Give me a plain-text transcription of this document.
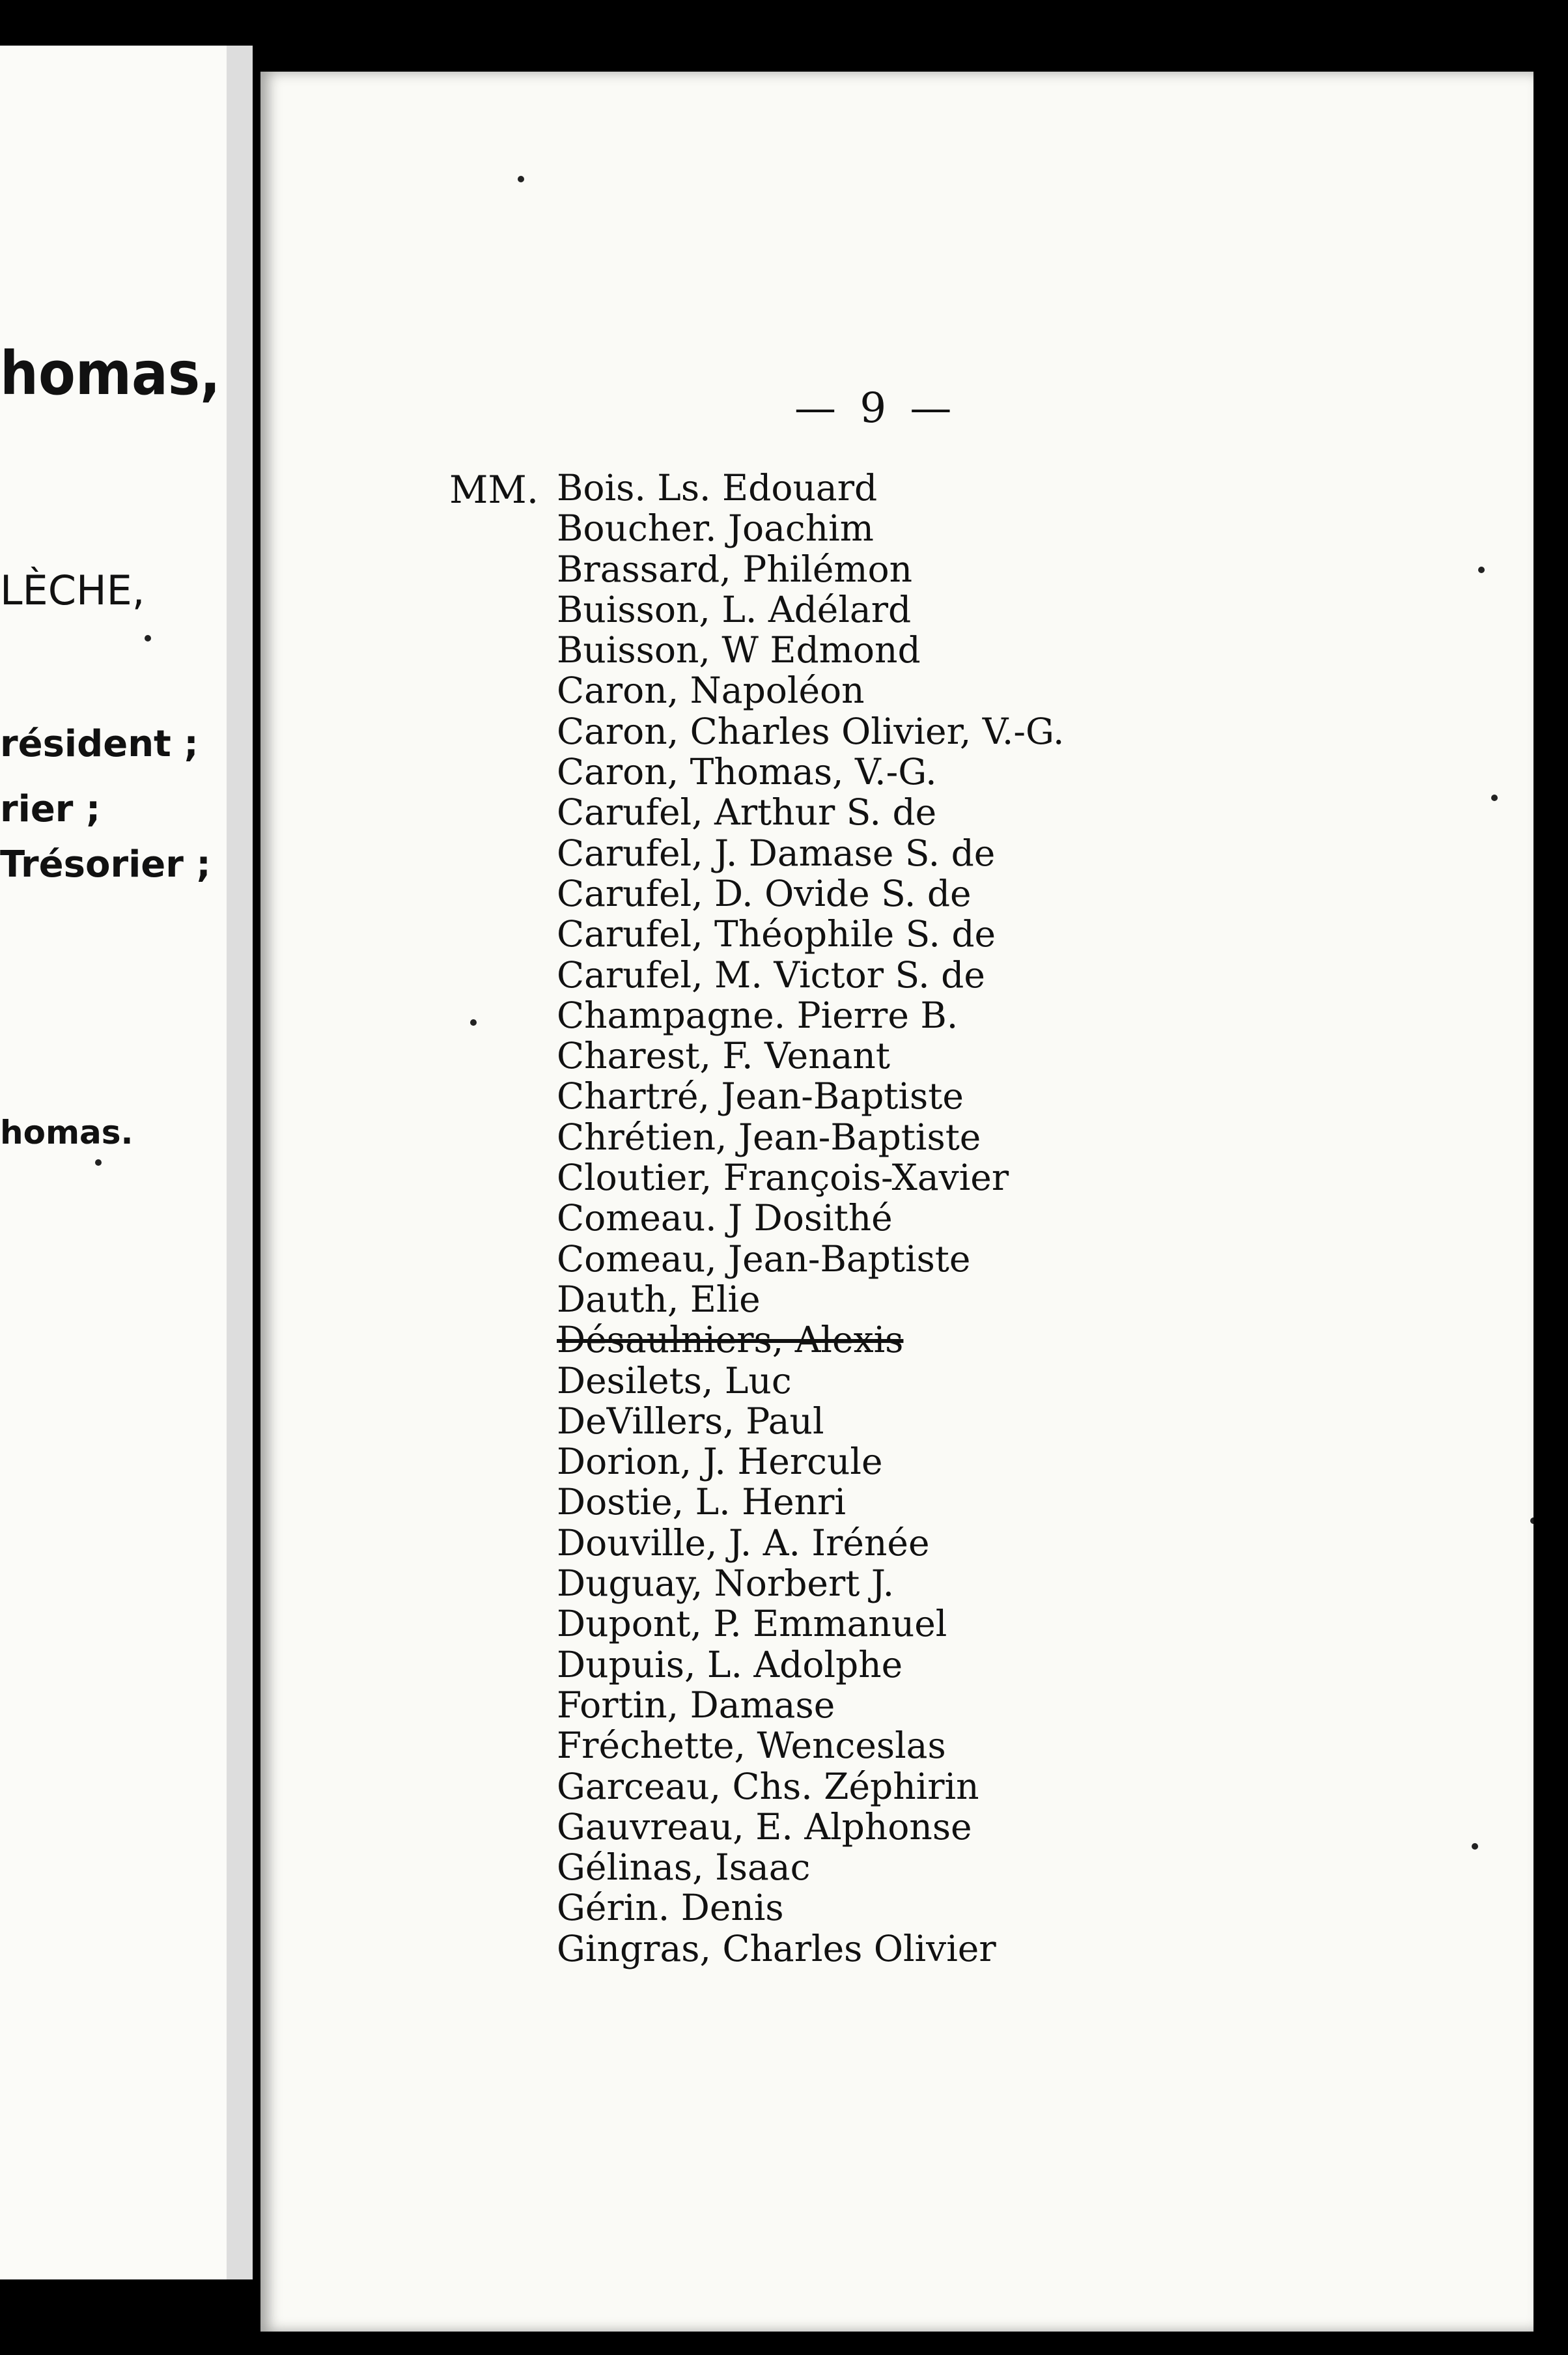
homas,
LÈCHE,
résident ;
rier ;
Trésorier ;
homas.
— 9 —
MM. Bois. Ls. Edouard
Boucher. Joachim
Brassard, Philémon
Buisson, L. Adélard
Buisson, W Edmond
Caron, Napoléon
Caron, Charles Olivier, V.-G.
Caron, Thomas, V.-G.
Carufel, Arthur S. de
Carufel, J. Damase S. de
Carufel, D. Ovide S. de
Carufel, Théophile S. de
Carufel, M. Victor S. de
Champagne. Pierre B.
Charest, F. Venant
Chartré, Jean-Baptiste
Chrétien, Jean-Baptiste
Cloutier, François-Xavier
Comeau. J Dosithé
Comeau, Jean-Baptiste
Dauth, Elie
Désaulniers, Alexis
Desilets, Luc
DeVillers, Paul
Dorion, J. Hercule
Dostie, L. Henri
Douville, J. A. Irénée
Duguay, Norbert J.
Dupont, P. Emmanuel
Dupuis, L. Adolphe
Fortin, Damase
Fréchette, Wenceslas
Garceau, Chs. Zéphirin
Gauvreau, E. Alphonse
Gélinas, Isaac
Gérin. Denis
Gingras, Charles Olivier
